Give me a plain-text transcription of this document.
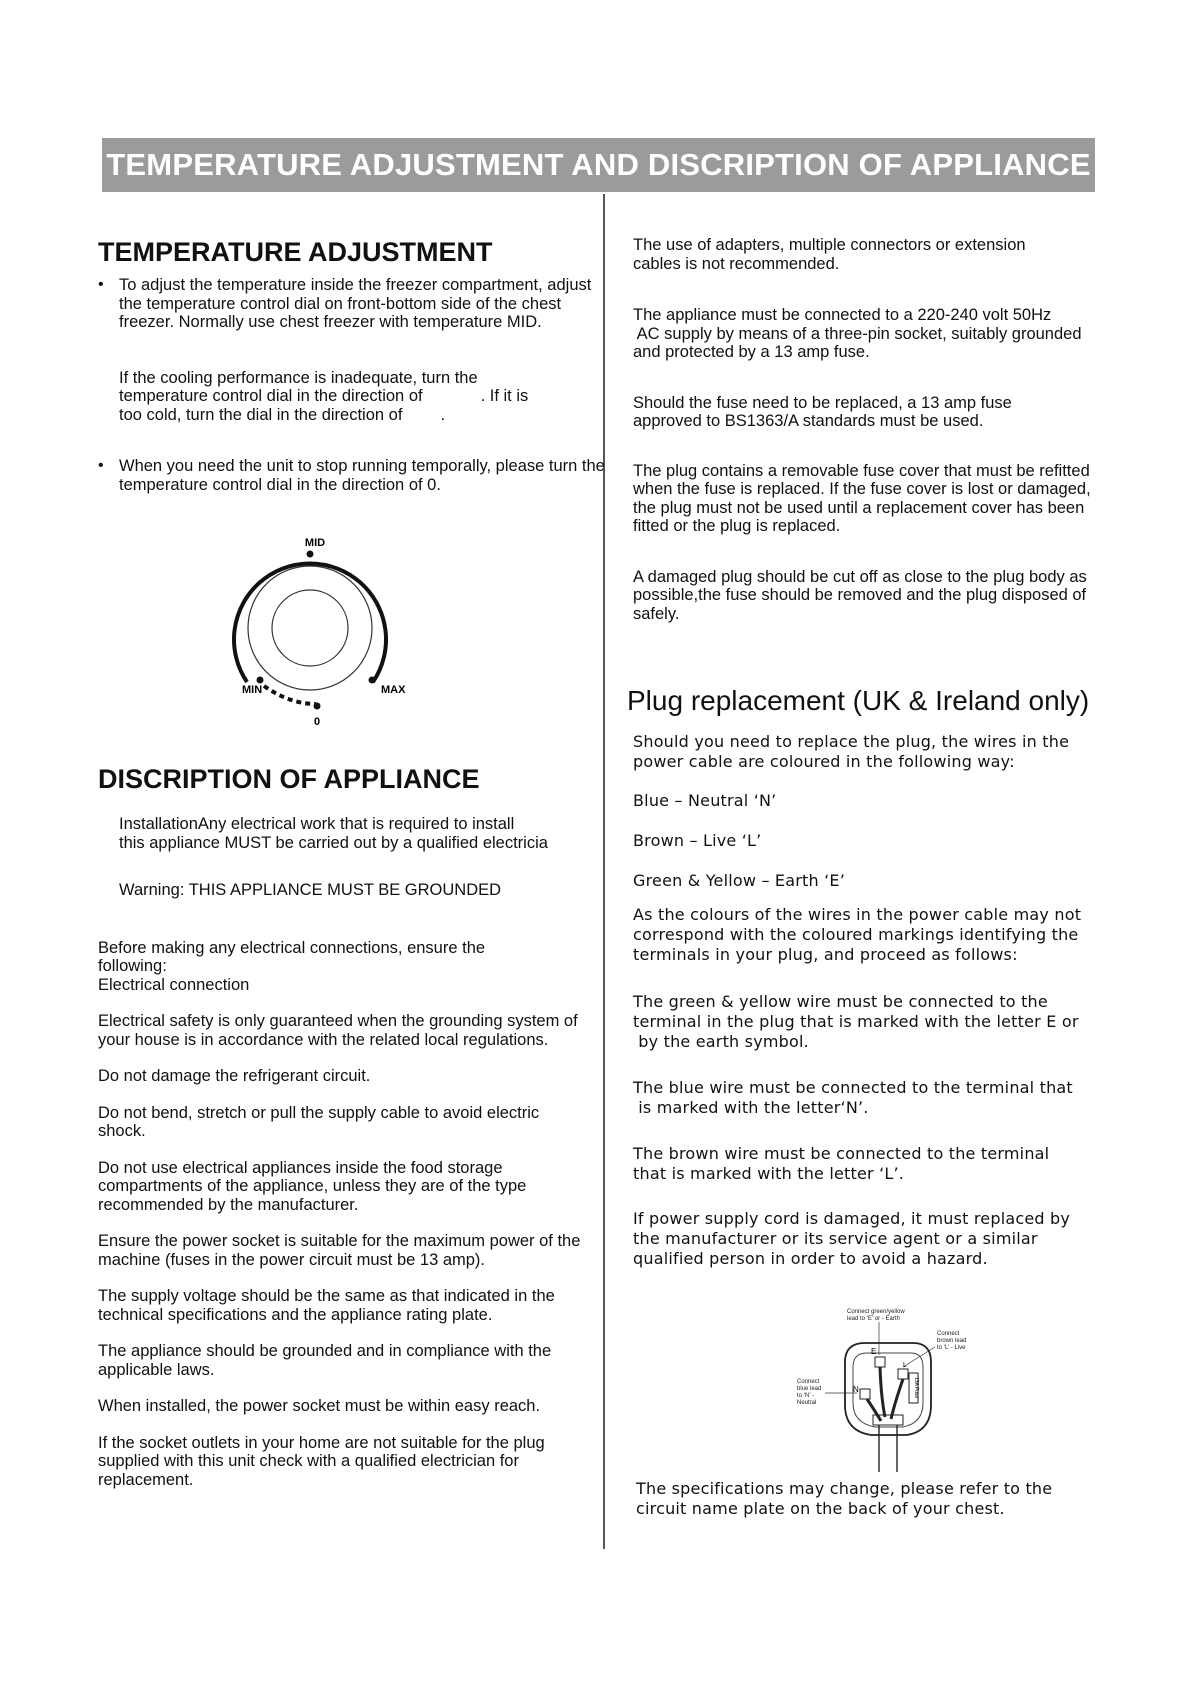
TEMPERATURE ADJUSTMENT AND DISCRIPTION OF APPLIANCE
TEMPERATURE ADJUSTMENT

• To adjust the temperature inside the freezer compartment, adjust the temperature control dial on front-bottom side of the chest freezer. Normally use chest freezer with temperature MID.

If the cooling performance is inadequate, turn the

temperature control dial in the direction of	. If it is

too cold, turn the dial in the direction of .

• When you need the unit to stop running temporally, please turn the temperature control dial in the direction of 0.

MID
MIN	MAX
0
DISCRIPTION OF APPLIANCE

InstallationAny electrical work that is required to install

this appliance MUST be carried out by a qualified electricia

Warning: THIS APPLIANCE MUST BE GROUNDED

Before making any electrical connections, ensure the

following:

Electrical connection

Electrical safety is only guaranteed when the grounding system of your house is in accordance with the related local regulations.

Do not damage the refrigerant circuit.

Do not bend, stretch or pull the supply cable to avoid electric shock.

Do not use electrical appliances inside the food storage compartments of the appliance, unless they are of the type recommended by the manufacturer.

Ensure the power socket is suitable for the maximum power of the machine (fuses in the power circuit must be 13 amp).

The supply voltage should be the same as that indicated in the technical specifications and the appliance rating plate.

The appliance should be grounded and in compliance with the applicable laws.

When installed, the power socket must be within easy reach.

If the socket outlets in your home are not suitable for the plug supplied with this unit check with a qualified electrician for replacement.

The use of adapters, multiple connectors or extension cables is not recommended.

The appliance must be connected to a 220-240 volt 50Hz

AC supply by means of a three-pin socket, suitably grounded

and protected by a 13 amp fuse.

Should the fuse need to be replaced, a 13 amp fuse approved to BS1363/A standards must be used.

The plug contains a removable fuse cover that must be refitted when the fuse is replaced. If the fuse cover is lost or damaged, the plug must not be used until a replacement cover has been fitted or the plug is replaced.

A damaged plug should be cut off as close to the plug body as possible,the fuse should be removed and the plug disposed of safely.

Plug replacement (UK & Ireland only)

Should you need to replace the plug, the wires in the power cable are coloured in the following way:

Blue – Neutral ‘N’

Brown – Live ‘L’

Green & Yellow – Earth ‘E’

As the colours of the wires in the power cable may not correspond with the coloured markings identifying the terminals in your plug, and proceed as follows:

The green & yellow wire must be connected to the

terminal in the plug that is marked with the letter E or

by the earth symbol.

The blue wire must be connected to the terminal that

is marked with the letter‘N’.

The brown wire must be connected to the terminal that is marked with the letter ‘L’.

If power supply cord is damaged, it must replaced by the manufacturer or its service agent or a similar qualified person in order to avoid a hazard.

Connect green/yellow
lead to ‘E’ or - Earth
Connect
brown lead
to ‘L’ - Live
Connect
blue lead
to ‘N’ -
Neutral
E
L
N	13A Fuse

The specifications may change, please refer to the circuit name plate on the back of your chest.
